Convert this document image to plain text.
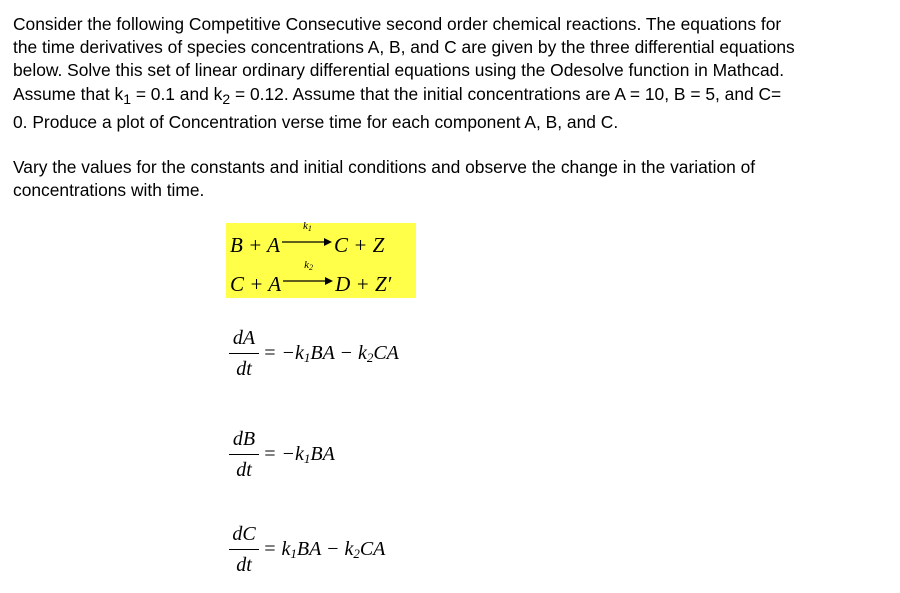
Consider the following Competitive Consecutive second order chemical reactions. The equations for
the time derivatives of species concentrations A, B, and C are given by the three differential equations
below. Solve this set of linear ordinary differential equations using the Odesolve function in Mathcad.
Assume that $k_1 = 0.1$ and $k_2 = 0.12$. Assume that the initial concentrations are A = 10, B = 5, and C=
0. Produce a plot of Concentration verse time for each component A, B, and C.

Vary the values for the constants and initial conditions and observe the change in the variation of
concentrations with time.

B + A
$k_1$
C + Z
C + A
$k_2$
D + Z′
dA
dt
= $-k_1BA - k_2CA$
dB
dt
= $-k_1BA$
dC
dt
= $k_1BA - k_2CA$
